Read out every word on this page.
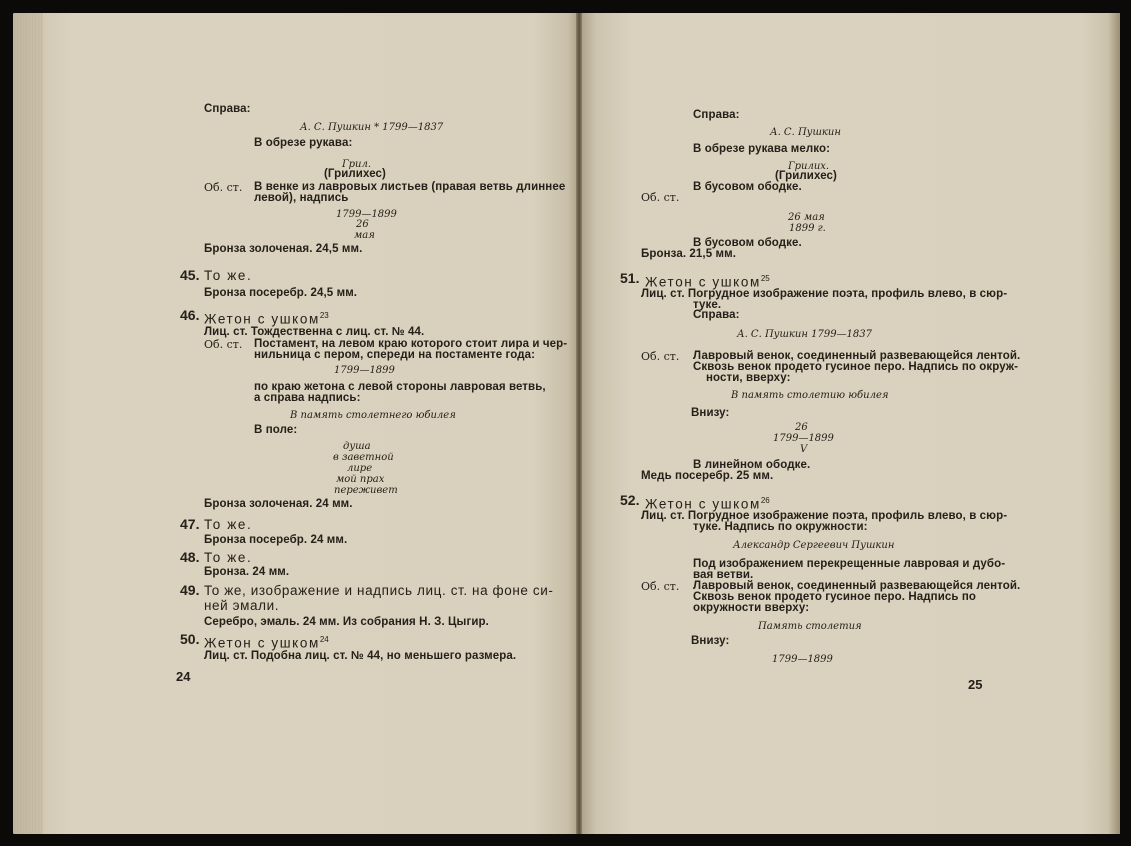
Справа:
А. С. Пушкин * 1799—1837
В обрезе рукава:
Грил.
(Грилихес)
Об. ст. В венке из лавровых листьев (правая ветвь длиннее
левой), надпись
1799—1899
26
мая
Бронза золоченая. 24,5 мм.
45. То же.
Бронза посеребр. 24,5 мм.
46. Жетон с ушком$^{23}$
Лиц. ст. Тождественна с лиц. ст. № 44.
Об. ст. Постамент, на левом краю которого стоит лира и чер-
нильница с пером, спереди на постаменте года:
1799—1899
по краю жетона с левой стороны лавровая ветвь,
а справа надпись:
В память столетнего юбилея
В поле:
душа
в заветной
лире
мой прах
переживет
Бронза золоченая. 24 мм.
47. То же.
Бронза посеребр. 24 мм.
48. То же.
Бронза. 24 мм.
49. То же, изображение и надпись лиц. ст. на фоне си-
ней эмали.
Серебро, эмаль. 24 мм. Из собрания Н. З. Цыгир.
50. Жетон с ушком$^{24}$
Лиц. ст. Подобна лиц. ст. № 44, но меньшего размера.
24
Справа:
А. С. Пушкин
В обрезе рукава мелко:
Грилих.
(Грилихес)
В бусовом ободке.
Об. ст.
26 мая
1899 г.
В бусовом ободке.
Бронза. 21,5 мм.
51. Жетон с ушком$^{25}$
Лиц. ст. Погрудное изображение поэта, профиль влево, в сюр-
туке.
Справа:
А. С. Пушкин 1799—1837
Об. ст. Лавровый венок, соединенный развевающейся лентой.
Сквозь венок продето гусиное перо. Надпись по окруж-
ности, вверху:
В память столетию юбилея
Внизу:
26
1799—1899
V
В линейном ободке.
Медь посеребр. 25 мм.
52. Жетон с ушком$^{26}$
Лиц. ст. Погрудное изображение поэта, профиль влево, в сюр-
туке. Надпись по окружности:
Александр Сергеевич Пушкин
Под изображением перекрещенные лавровая и дубо-
вая ветви.
Об. ст. Лавровый венок, соединенный развевающейся лентой.
Сквозь венок продето гусиное перо. Надпись по
окружности вверху:
Память столетия
Внизу:
1799—1899
25
